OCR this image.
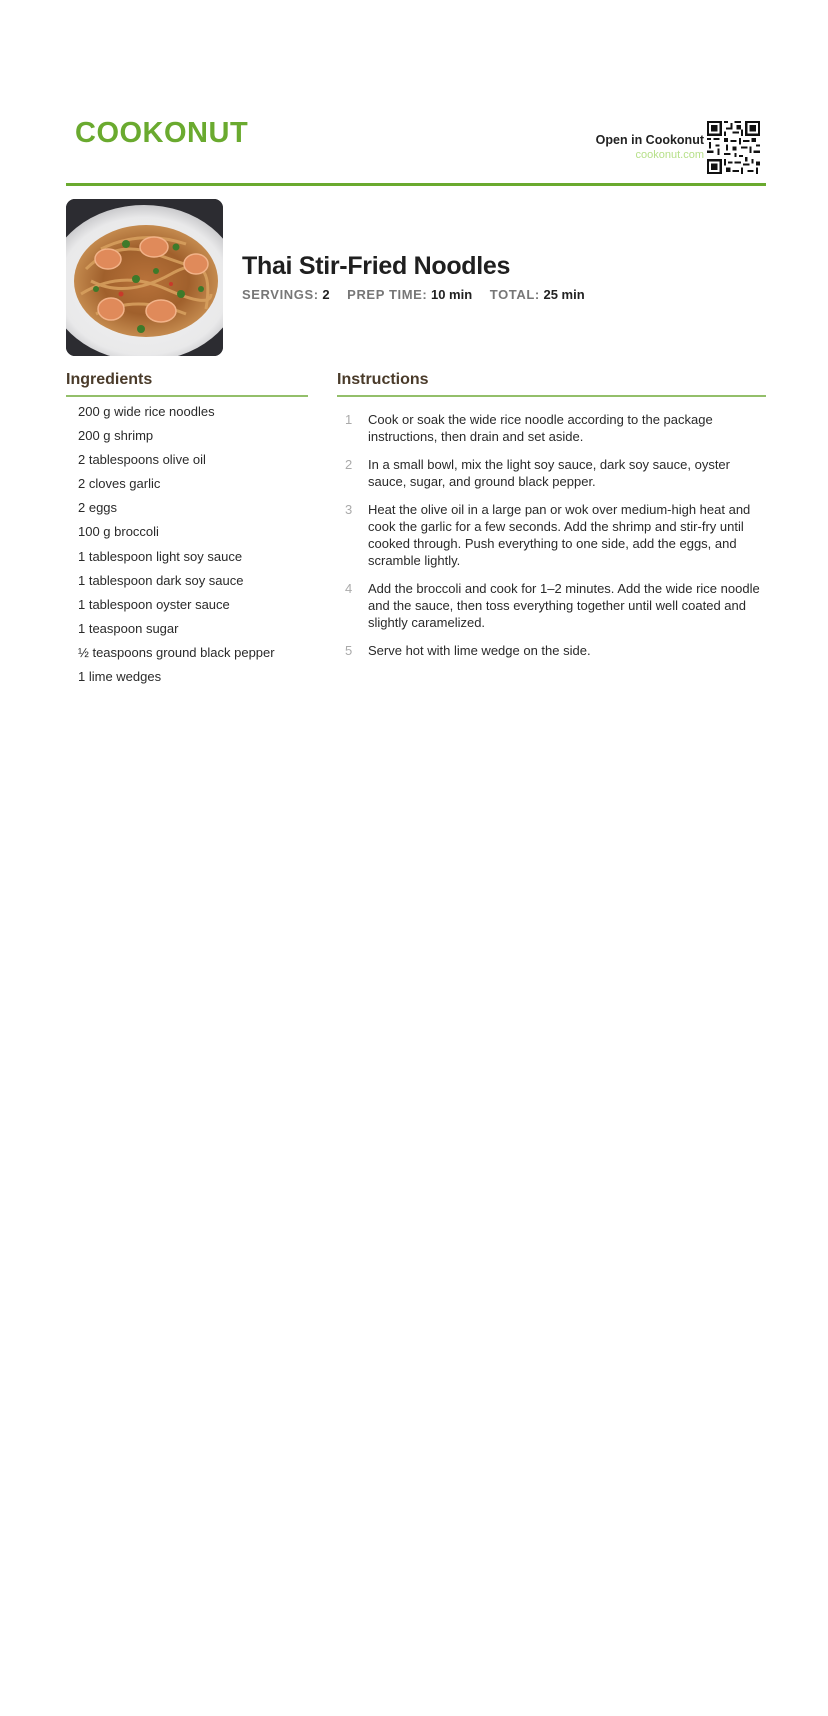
COOKONUT	Open in Cookonut
cookonut.com
Thai Stir-Fried Noodles
SERVINGS: 2 PREP TIME: 10 min TOTAL: 25 min
Ingredients
200 g wide rice noodles
200 g shrimp
2 tablespoons olive oil
2 cloves garlic
2 eggs
100 g broccoli
1 tablespoon light soy sauce
1 tablespoon dark soy sauce
1 tablespoon oyster sauce
1 teaspoon sugar
½ teaspoons ground black pepper
1 lime wedges
Instructions
1	Cook or soak the wide rice noodle according to the package instructions, then drain and set aside.
2	In a small bowl, mix the light soy sauce, dark soy sauce, oyster sauce, sugar, and ground black pepper.
3	Heat the olive oil in a large pan or wok over medium-high heat and cook the garlic for a few seconds. Add the shrimp and stir-fry until cooked through. Push everything to one side, add the eggs, and scramble lightly.
4	Add the broccoli and cook for 1–2 minutes. Add the wide rice noodle and the sauce, then toss everything together until well coated and slightly caramelized.
5	Serve hot with lime wedge on the side.
